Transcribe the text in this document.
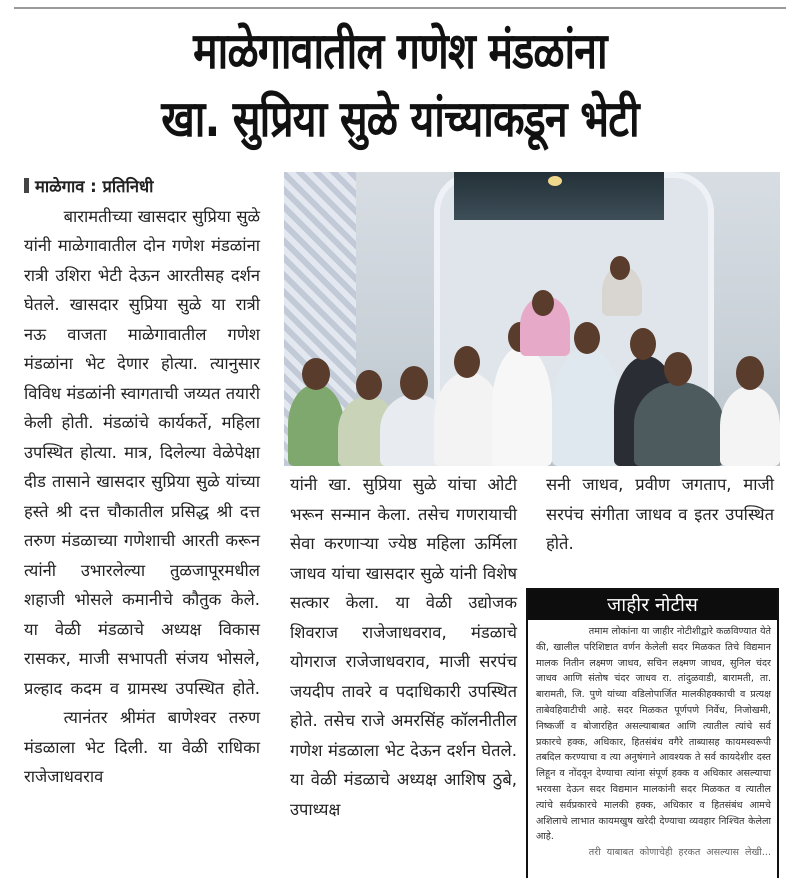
माळेगावातील गणेश मंडळांना
खा. सुप्रिया सुळे यांच्याकडून भेटी

माळेगाव : प्रतिनिधी

बारामतीच्या खासदार सुप्रिया सुळे यांनी माळेगावातील दोन गणेश मंडळांना रात्री उशिरा भेटी देऊन आरतीसह दर्शन घेतले. खासदार सुप्रिया सुळे या रात्री नऊ वाजता माळेगावातील गणेश मंडळांना भेट देणार होत्या. त्यानुसार विविध मंडळांनी स्वागताची जय्यत तयारी केली होती. मंडळांचे कार्यकर्ते, महिला उपस्थित होत्या. मात्र, दिलेल्या वेळेपेक्षा दीड तासाने खासदार सुप्रिया सुळे यांच्या हस्ते श्री दत्त चौकातील प्रसिद्ध श्री दत्त तरुण मंडळाच्या गणेशाची आरती करून त्यांनी उभारलेल्या तुळजापूरमधील शहाजी भोसले कमानीचे कौतुक केले. या वेळी मंडळाचे अध्यक्ष विकास रासकर, माजी सभापती संजय भोसले, प्रल्हाद कदम व ग्रामस्थ उपस्थित होते.

त्यानंतर श्रीमंत बाणेश्वर तरुण मंडळाला भेट दिली. या वेळी राधिका राजेजाधवराव

यांनी खा. सुप्रिया सुळे यांचा ओटी भरून सन्मान केला. तसेच गणरायाची सेवा करणाऱ्या ज्येष्ठ महिला ऊर्मिला जाधव यांचा खासदार सुळे यांनी विशेष सत्कार केला. या वेळी उद्योजक शिवराज राजेजाधवराव, मंडळाचे योगराज राजेजाधवराव, माजी सरपंच जयदीप तावरे व पदाधिकारी उपस्थित होते. तसेच राजे अमरसिंह कॉलनीतील गणेश मंडळाला भेट देऊन दर्शन घेतले. या वेळी मंडळाचे अध्यक्ष आशिष ठुबे, उपाध्यक्ष

सनी जाधव, प्रवीण जगताप, माजी सरपंच संगीता जाधव व इतर उपस्थित होते.

जाहीर नोटीस

तमाम लोकांना या जाहीर नोटीशीद्वारे कळविण्यात येते की, खालील परिशिष्टात वर्णन केलेली सदर मिळकत तिचे विद्यमान मालक नितीन लक्ष्मण जाधव, सचिन लक्ष्मण जाधव, सुनिल चंदर जाधव आणि संतोष चंदर जाधव रा. तांदुळवाडी, बारामती, ता. बारामती, जि. पुणे यांच्या वडिलोपार्जित मालकीहक्काची व प्रत्यक्ष ताबेवहिवाटीची आहे. सदर मिळकत पूर्णपणे निर्वेध, निजोखमी, निष्कर्जी व बोजारहित असल्याबाबत आणि त्यातील त्यांचे सर्व प्रकारचे हक्क, अधिकार, हितसंबंध वगैरे ताब्यासह कायमस्वरूपी तबदिल करण्याचा व त्या अनुषंगाने आवश्यक ते सर्व कायदेशीर दस्त लिहून व नोंदवून देण्याचा त्यांना संपूर्ण हक्क व अधिकार असल्याचा भरवसा देऊन सदर विद्यमान मालकांनी सदर मिळकत व त्यातील त्यांचे सर्वप्रकारचे मालकी हक्क, अधिकार व हितसंबंध आमचे अशिलाचे लाभात कायमखुष खरेदी देण्याचा व्यवहार निश्चित केलेला आहे.
तरी याबाबत कोणाचेही हरकत असल्यास लेखी...
